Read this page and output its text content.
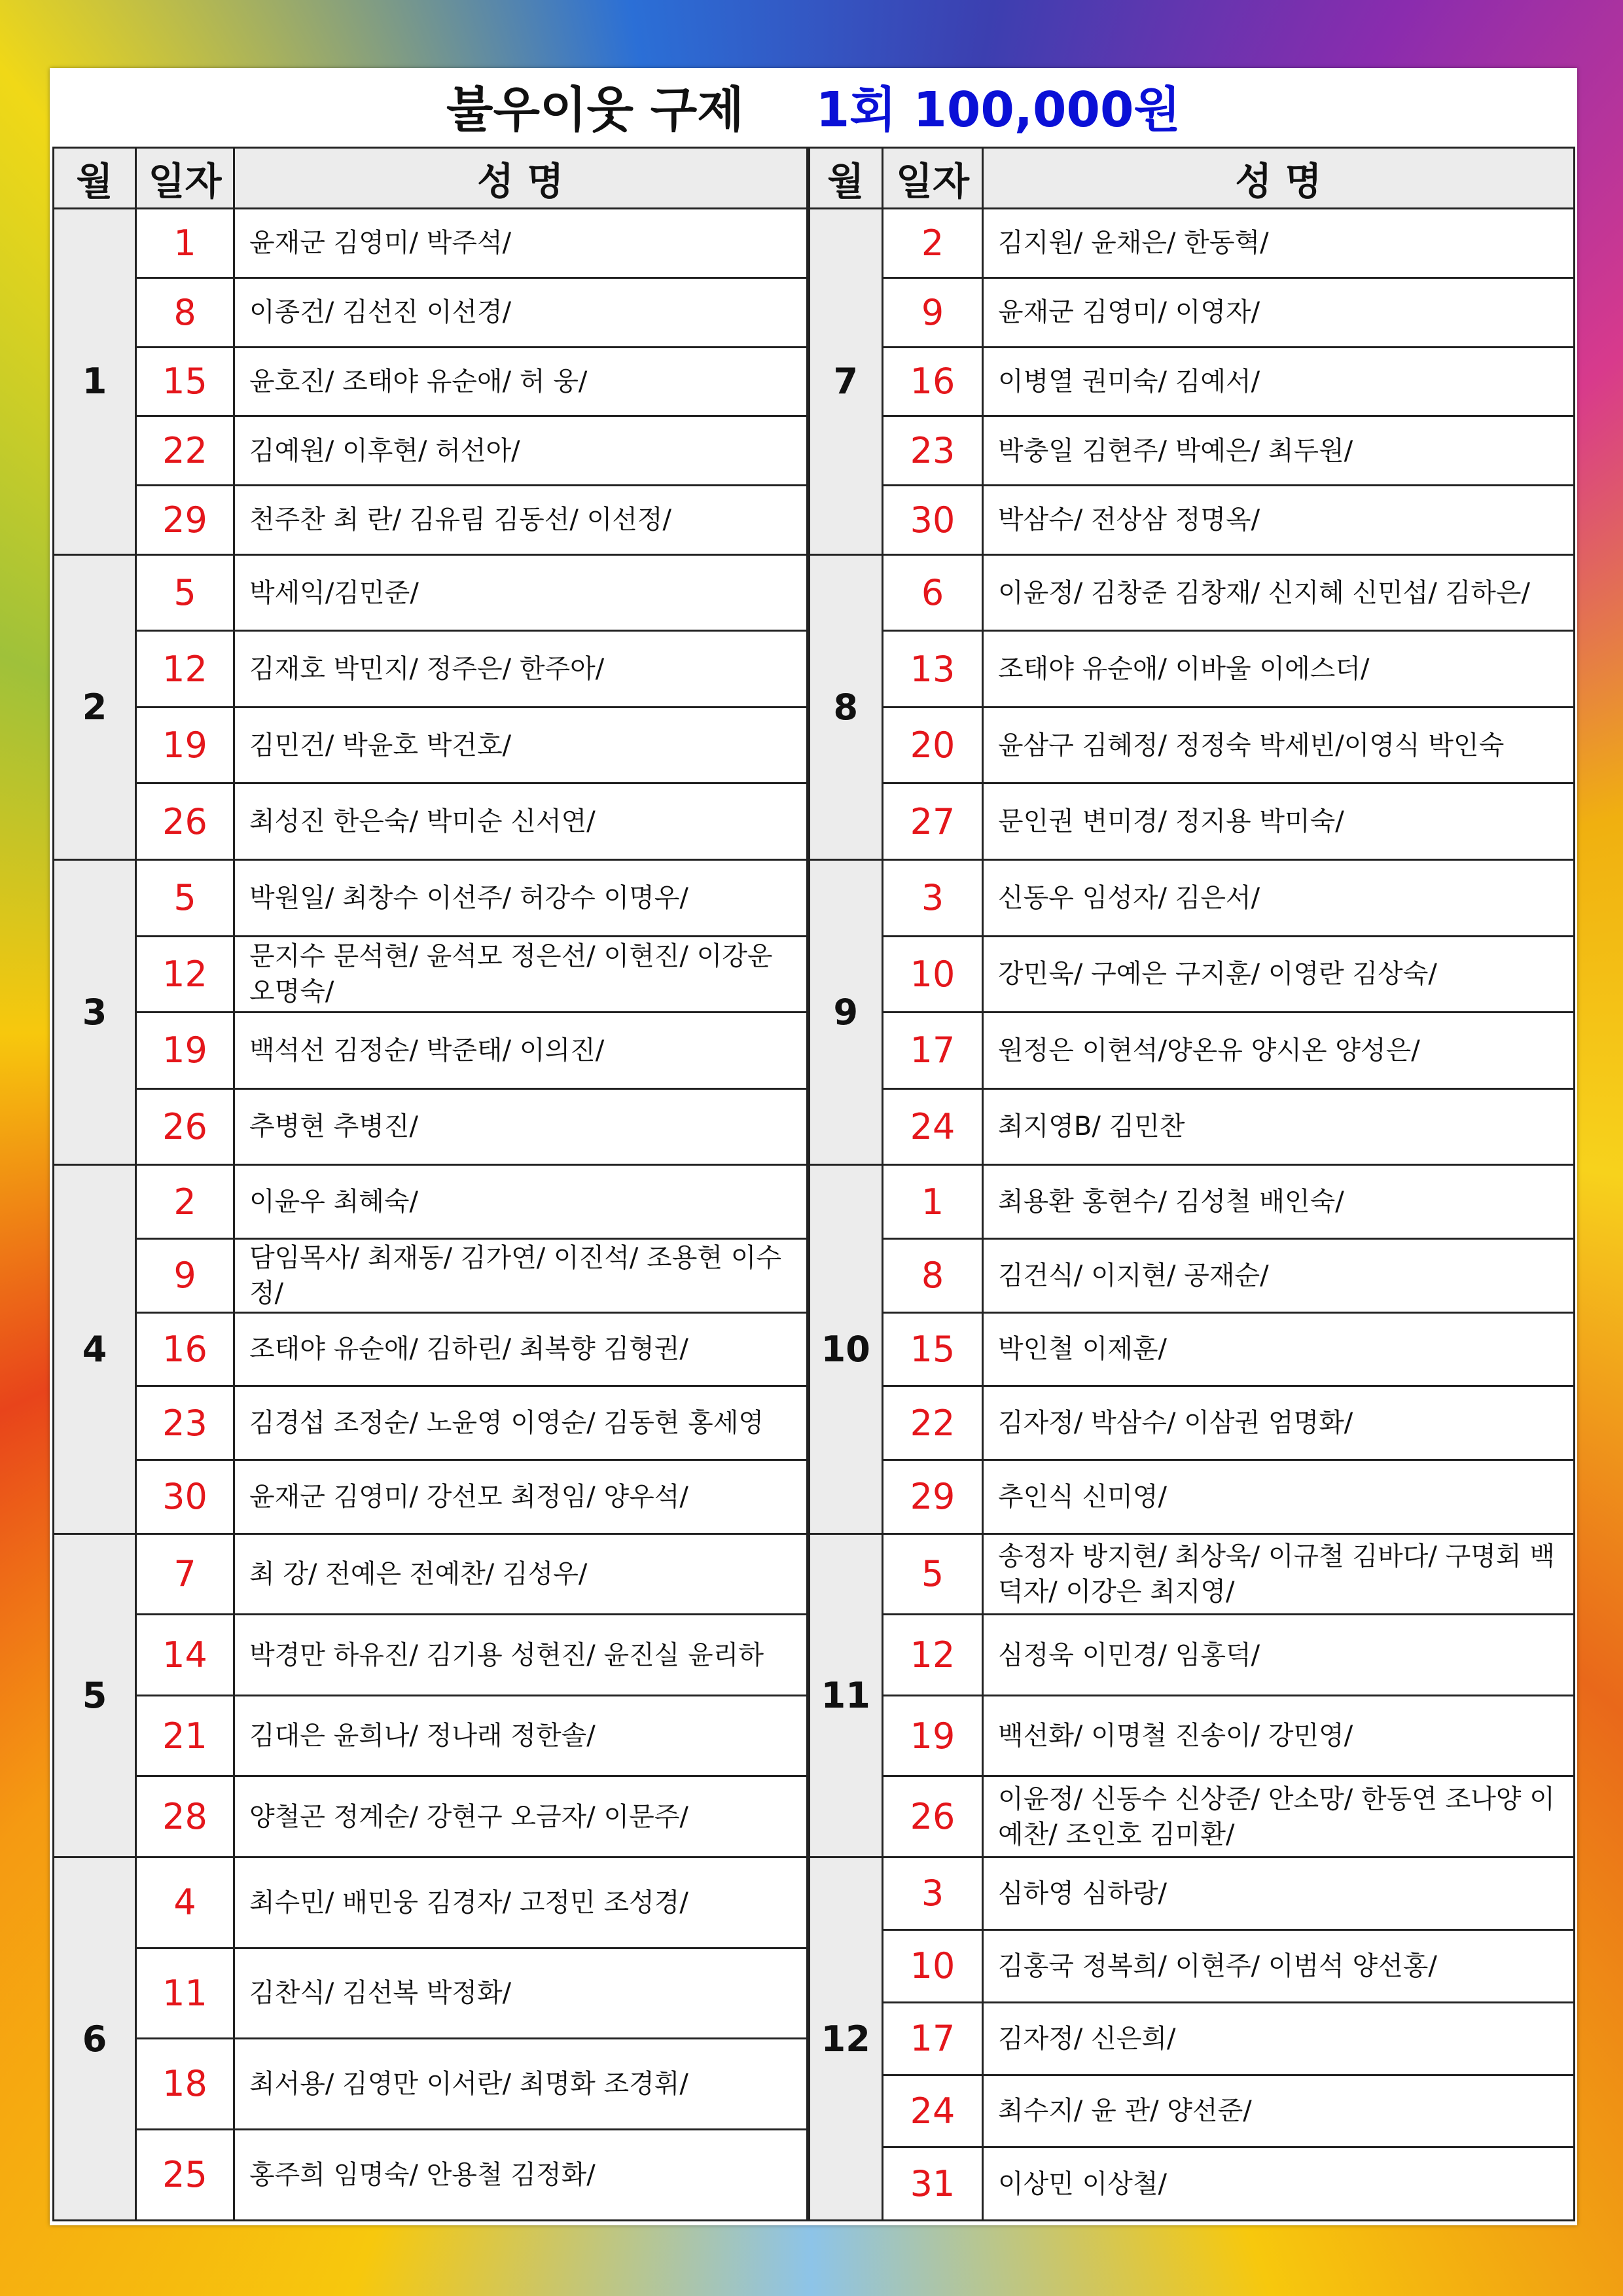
불우이웃 구제 1회 100,000원
월	일자	성 명	월	일자	성 명
1	1	윤재군 김영미/ 박주석/	7	2	김지원/ 윤채은/ 한동혁/

	8	이종건/ 김선진 이선경/		9	윤재군 김영미/ 이영자/

	15	윤호진/ 조태야 유순애/ 허 웅/		16	이병열 권미숙/ 김예서/

	22	김예원/ 이후현/ 허선아/		23	박충일 김현주/ 박예은/ 최두원/

	29	천주찬 최 란/ 김유림 김동선/ 이선정/		30	박삼수/ 전상삼 정명옥/

2	5	박세익/김민준/	8	6	이윤정/ 김창준 김창재/ 신지혜 신민섭/ 김하은/

	12	김재호 박민지/ 정주은/ 한주아/		13	조태야 유순애/ 이바울 이에스더/

	19	김민건/ 박윤호 박건호/		20	윤삼구 김혜정/ 정정숙 박세빈/이영식 박인숙

	26	최성진 한은숙/ 박미순 신서연/		27	문인권 변미경/ 정지용 박미숙/

3	5	박원일/ 최창수 이선주/ 허강수 이명우/	9	3	신동우 임성자/ 김은서/

	12	문지수 문석현/ 윤석모 정은선/ 이현진/ 이강운 오명숙/		10	강민욱/ 구예은 구지훈/ 이영란 김상숙/

	19	백석선 김정순/ 박준태/ 이의진/		17	원정은 이현석/양온유 양시온 양성은/

	26	추병현 추병진/		24	최지영B/ 김민찬

4	2	이윤우 최혜숙/	10	1	최용환 홍현수/ 김성철 배인숙/

	9	담임목사/ 최재동/ 김가연/ 이진석/ 조용현 이수정/		8	김건식/ 이지현/ 공재순/

	16	조태야 유순애/ 김하린/ 최복향 김형권/		15	박인철 이제훈/

	23	김경섭 조정순/ 노윤영 이영순/ 김동현 홍세영		22	김자정/ 박삼수/ 이삼권 엄명화/

	30	윤재군 김영미/ 강선모 최정임/ 양우석/		29	추인식 신미영/

5	7	최 강/ 전예은 전예찬/ 김성우/	11	5	송정자 방지현/ 최상욱/ 이규철 김바다/ 구명회 백덕자/ 이강은 최지영/

	14	박경만 하유진/ 김기용 성현진/ 윤진실 윤리하		12	심정욱 이민경/ 임홍덕/

	21	김대은 윤희나/ 정나래 정한솔/		19	백선화/ 이명철 진송이/ 강민영/

	28	양철곤 정계순/ 강현구 오금자/ 이문주/		26	이윤정/ 신동수 신상준/ 안소망/ 한동연 조나양 이예찬/ 조인호 김미환/

6	4	최수민/ 배민웅 김경자/ 고정민 조성경/	12	3	심하영 심하랑/

				10	김홍국 정복희/ 이현주/ 이범석 양선홍/
	11	김찬식/ 김선복 박정화/			

				17	김자정/ 신은희/

	18	최서용/ 김영만 이서란/ 최명화 조경휘/			

				24	최수지/ 윤 관/ 양선준/

	25	홍주희 임명숙/ 안용철 김정화/			
				31	이상민 이상철/
